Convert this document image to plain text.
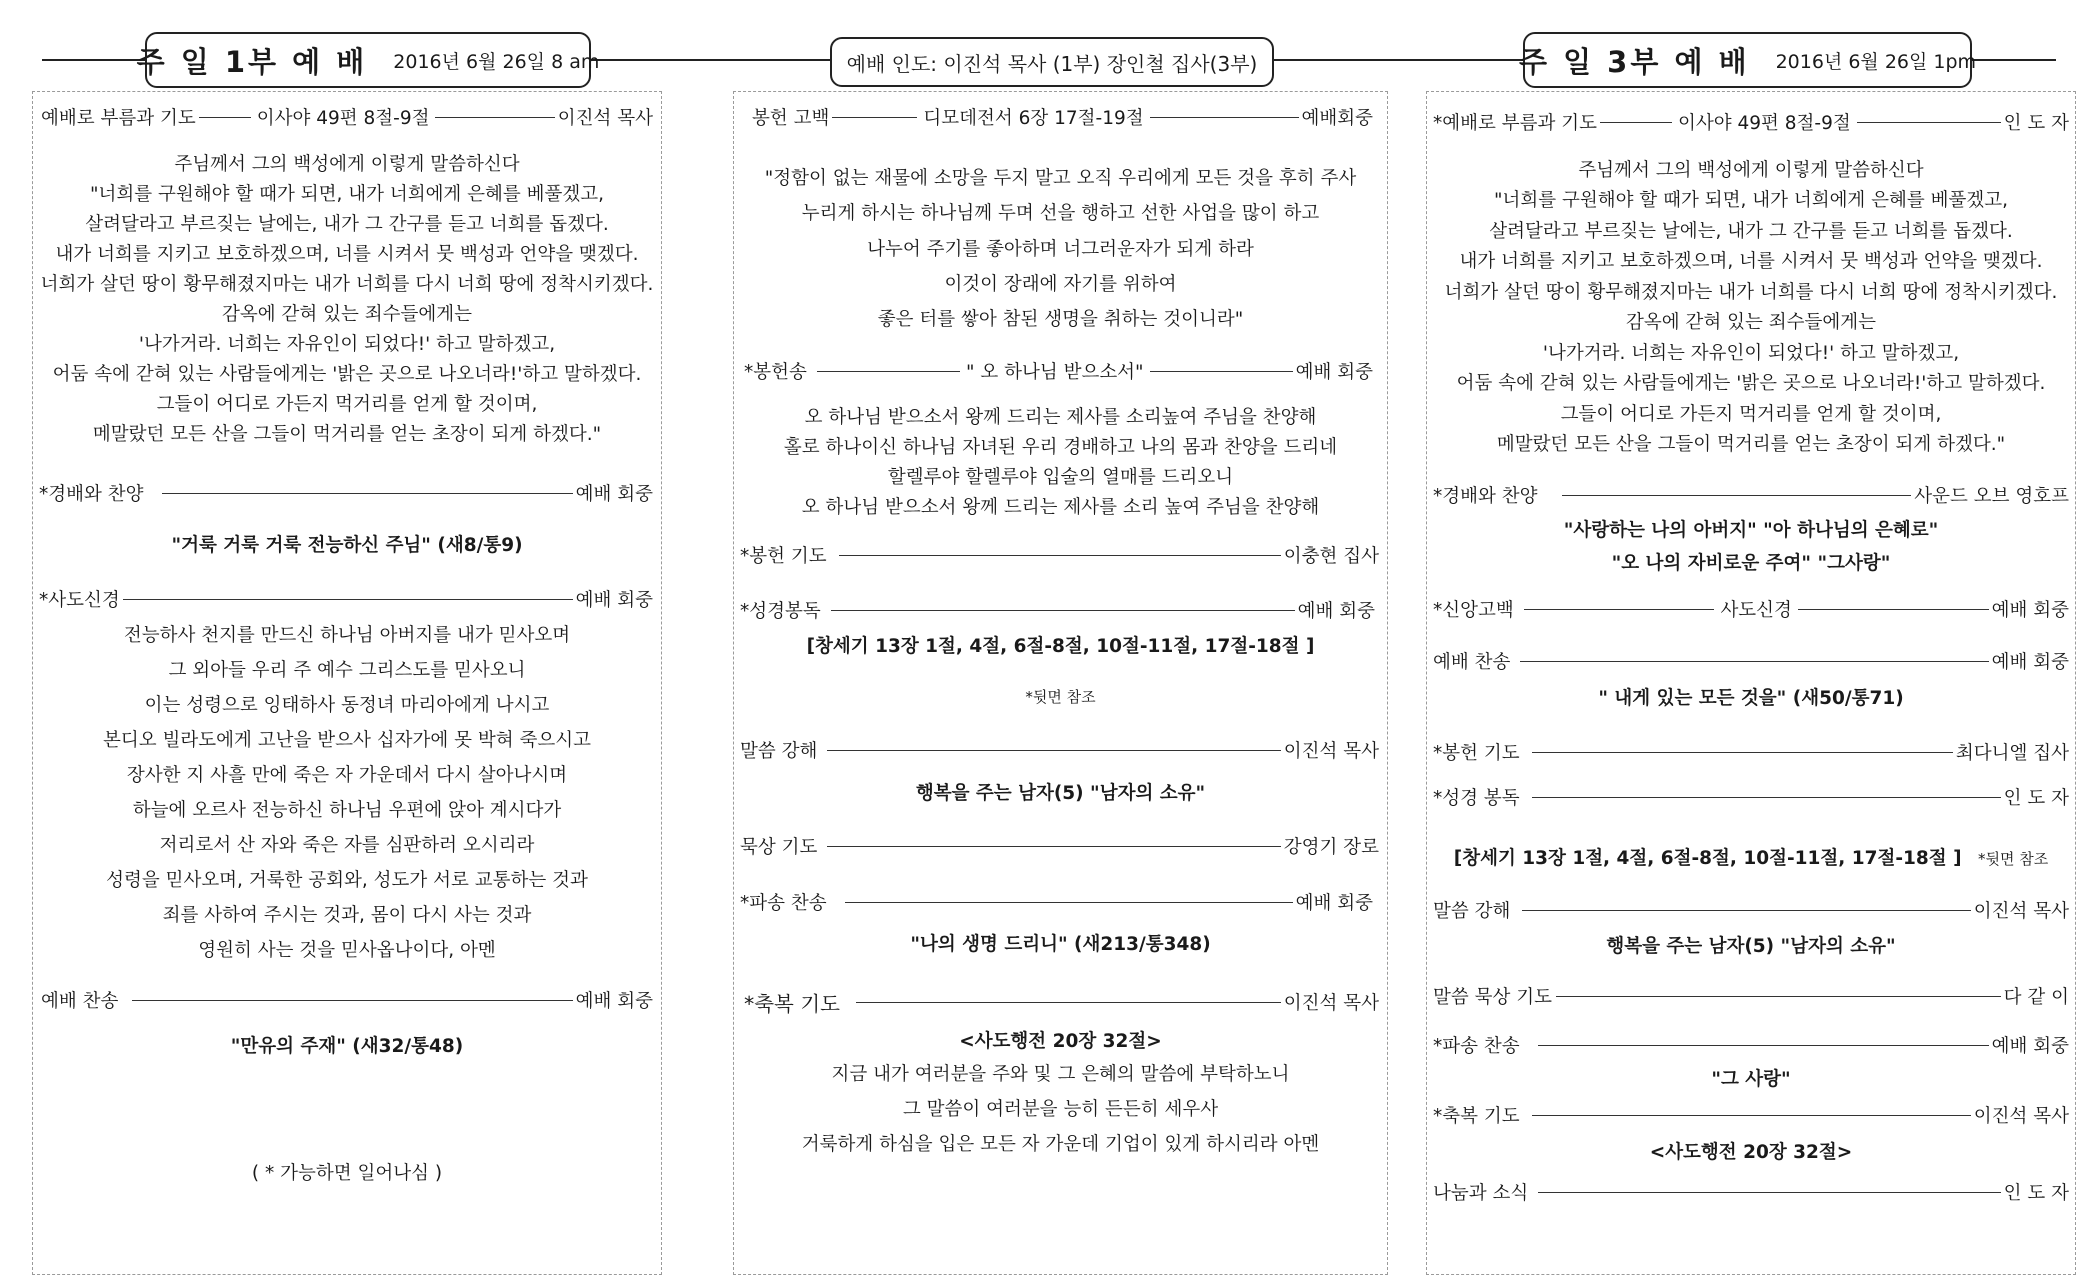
주 일 1부 예 배 2016년 6월 26일 8 am	예배 인도: 이진석 목사 (1부) 장인철 집사(3부)	주 일 3부 예 배 2016년 6월 26일 1pm
예배로 부름과 기도	이사야 49편 8절-9절	이진석 목사
주님께서 그의 백성에게 이렇게 말씀하신다
"너희를 구원해야 할 때가 되면, 내가 너희에게 은혜를 베풀겠고,
살려달라고 부르짖는 날에는, 내가 그 간구를 듣고 너희를 돕겠다.
내가 너희를 지키고 보호하겠으며, 너를 시켜서 뭇 백성과 언약을 맺겠다.
너희가 살던 땅이 황무해졌지마는 내가 너희를 다시 너희 땅에 정착시키겠다.
감옥에 갇혀 있는 죄수들에게는
'나가거라. 너희는 자유인이 되었다!' 하고 말하겠고,
어둠 속에 갇혀 있는 사람들에게는 '밝은 곳으로 나오너라!'하고 말하겠다.
그들이 어디로 가든지 먹거리를 얻게 할 것이며,
메말랐던 모든 산을 그들이 먹거리를 얻는 초장이 되게 하겠다."
*경배와 찬양	예배 회중
"거룩 거룩 거룩 전능하신 주님" (새8/통9)
*사도신경	예배 회중
전능하사 천지를 만드신 하나님 아버지를 내가 믿사오며
그 외아들 우리 주 예수 그리스도를 믿사오니
이는 성령으로 잉태하사 동정녀 마리아에게 나시고
본디오 빌라도에게 고난을 받으사 십자가에 못 박혀 죽으시고
장사한 지 사흘 만에 죽은 자 가운데서 다시 살아나시며
하늘에 오르사 전능하신 하나님 우편에 앉아 계시다가
저리로서 산 자와 죽은 자를 심판하러 오시리라
성령을 믿사오며, 거룩한 공회와, 성도가 서로 교통하는 것과
죄를 사하여 주시는 것과, 몸이 다시 사는 것과
영원히 사는 것을 믿사옵나이다, 아멘
예배 찬송	예배 회중
"만유의 주재" (새32/통48)
( * 가능하면 일어나심 )
봉헌 고백	디모데전서 6장 17절-19절	예배회중
"정함이 없는 재물에 소망을 두지 말고 오직 우리에게 모든 것을 후히 주사
누리게 하시는 하나님께 두며 선을 행하고 선한 사업을 많이 하고
나누어 주기를 좋아하며 너그러운자가 되게 하라
이것이 장래에 자기를 위하여
좋은 터를 쌓아 참된 생명을 취하는 것이니라"
*봉헌송	" 오 하나님 받으소서"	예배 회중
오 하나님 받으소서 왕께 드리는 제사를 소리높여 주님을 찬양해
홀로 하나이신 하나님 자녀된 우리 경배하고 나의 몸과 찬양을 드리네
할렐루야 할렐루야 입술의 열매를 드리오니
오 하나님 받으소서 왕께 드리는 제사를 소리 높여 주님을 찬양해
*봉헌 기도	이충현 집사
*성경봉독	예배 회중
[창세기 13장 1절, 4절, 6절-8절, 10절-11절, 17절-18절 ]
*뒷면 참조
말씀 강해	이진석 목사
행복을 주는 남자(5) "남자의 소유"
묵상 기도	강영기 장로
*파송 찬송	예배 회중
"나의 생명 드리니" (새213/통348)
*축복 기도	이진석 목사
<사도행전 20장 32절>
지금 내가 여러분을 주와 및 그 은혜의 말씀에 부탁하노니
그 말씀이 여러분을 능히 든든히 세우사
거룩하게 하심을 입은 모든 자 가운데 기업이 있게 하시리라 아멘
*예배로 부름과 기도	이사야 49편 8절-9절	인 도 자
주님께서 그의 백성에게 이렇게 말씀하신다
"너희를 구원해야 할 때가 되면, 내가 너희에게 은혜를 베풀겠고,
살려달라고 부르짖는 날에는, 내가 그 간구를 듣고 너희를 돕겠다.
내가 너희를 지키고 보호하겠으며, 너를 시켜서 뭇 백성과 언약을 맺겠다.
너희가 살던 땅이 황무해졌지마는 내가 너희를 다시 너희 땅에 정착시키겠다.
감옥에 갇혀 있는 죄수들에게는
'나가거라. 너희는 자유인이 되었다!' 하고 말하겠고,
어둠 속에 갇혀 있는 사람들에게는 '밝은 곳으로 나오너라!'하고 말하겠다.
그들이 어디로 가든지 먹거리를 얻게 할 것이며,
메말랐던 모든 산을 그들이 먹거리를 얻는 초장이 되게 하겠다."
*경배와 찬양	사운드 오브 영호프
"사랑하는 나의 아버지" "아 하나님의 은혜로"
"오 나의 자비로운 주여" "그사랑"
*신앙고백	사도신경	예배 회중
예배 찬송	예배 회중
" 내게 있는 모든 것을" (새50/통71)
*봉헌 기도	최다니엘 집사
*성경 봉독	인 도 자
[창세기 13장 1절, 4절, 6절-8절, 10절-11절, 17절-18절 ] *뒷면 참조
말씀 강해	이진석 목사
행복을 주는 남자(5) "남자의 소유"
말씀 묵상 기도	다 같 이
*파송 찬송	예배 회중
"그 사랑"
*축복 기도	이진석 목사
<사도행전 20장 32절>
나눔과 소식	인 도 자
